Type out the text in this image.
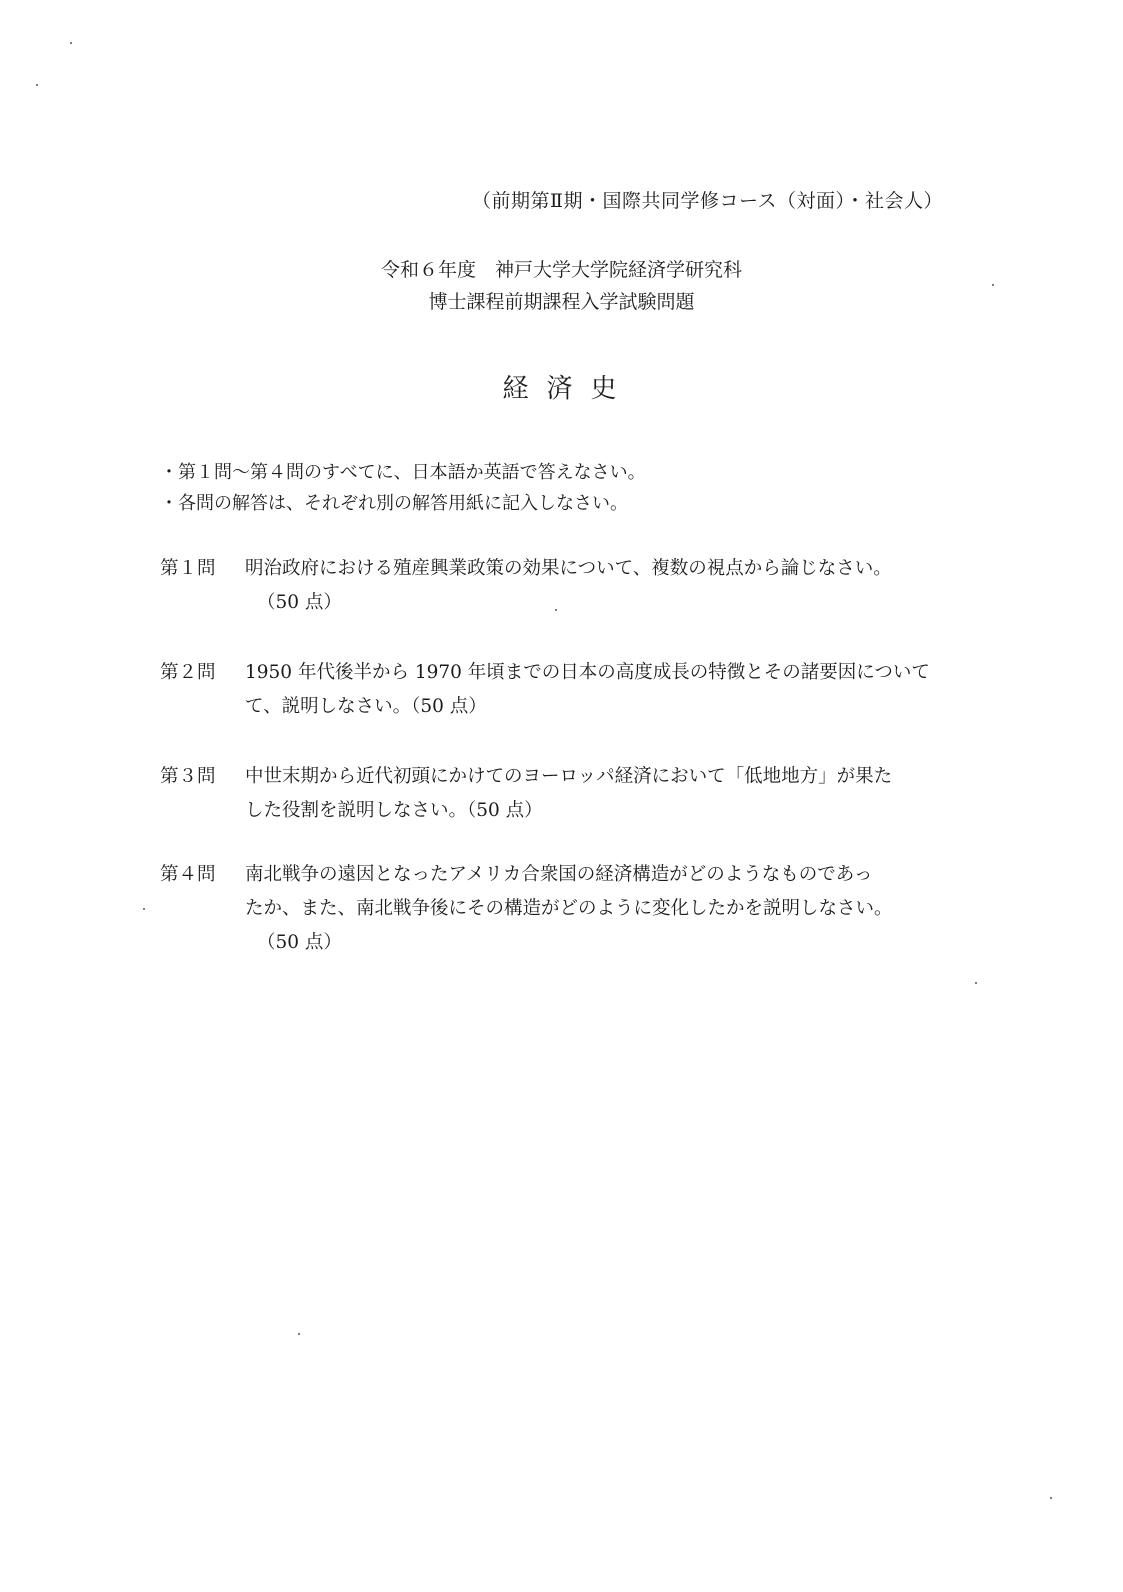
（前期第Ⅱ期・国際共同学修コース（対面）・社会人）
令和６年度　神戸大学大学院経済学研究科
博士課程前期課程入学試験問題
経済史
・第１問～第４問のすべてに、日本語か英語で答えなさい。
・各問の解答は、それぞれ別の解答用紙に記入しなさい。
第１問 明治政府における殖産興業政策の効果について、複数の視点から論じなさい。
（50 点）
第２問 1950 年代後半から 1970 年頃までの日本の高度成長の特徴とその諸要因について
て、説明しなさい。（50 点）
第３問 中世末期から近代初頭にかけてのヨーロッパ経済において「低地地方」が果た
した役割を説明しなさい。（50 点）
第４問 南北戦争の遠因となったアメリカ合衆国の経済構造がどのようなものであっ
たか、また、南北戦争後にその構造がどのように変化したかを説明しなさい。
（50 点）
